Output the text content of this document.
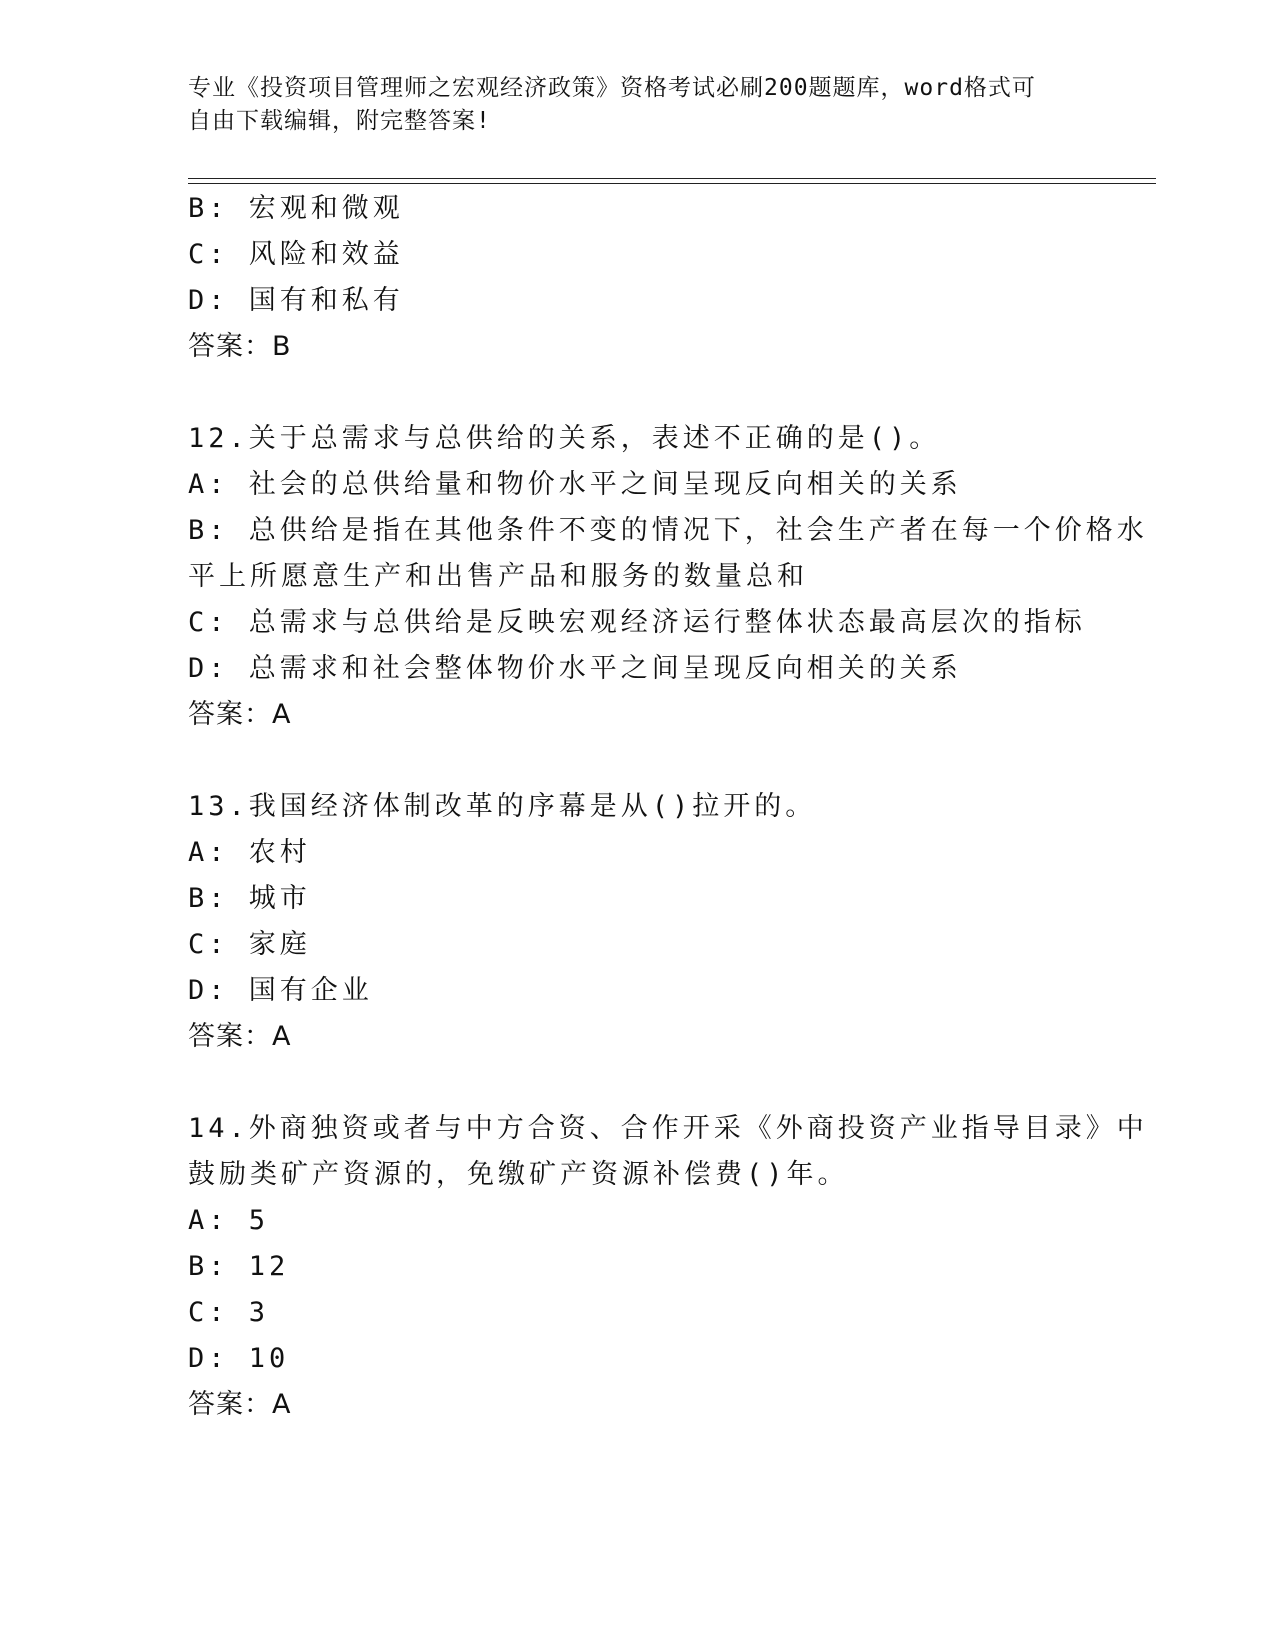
专业《投资项目管理师之宏观经济政策》资格考试必刷200题题库，word格式可
自由下载编辑，附完整答案!
B: 宏观和微观
C: 风险和效益
D: 国有和私有
答案：B
12.关于总需求与总供给的关系，表述不正确的是()。
A: 社会的总供给量和物价水平之间呈现反向相关的关系
B: 总供给是指在其他条件不变的情况下，社会生产者在每一个价格水
平上所愿意生产和出售产品和服务的数量总和
C: 总需求与总供给是反映宏观经济运行整体状态最高层次的指标
D: 总需求和社会整体物价水平之间呈现反向相关的关系
答案：A
13.我国经济体制改革的序幕是从()拉开的。
A: 农村
B: 城市
C: 家庭
D: 国有企业
答案：A
14.外商独资或者与中方合资、合作开采《外商投资产业指导目录》中
鼓励类矿产资源的，免缴矿产资源补偿费()年。
A: 5
B: 12
C: 3
D: 10
答案：A
